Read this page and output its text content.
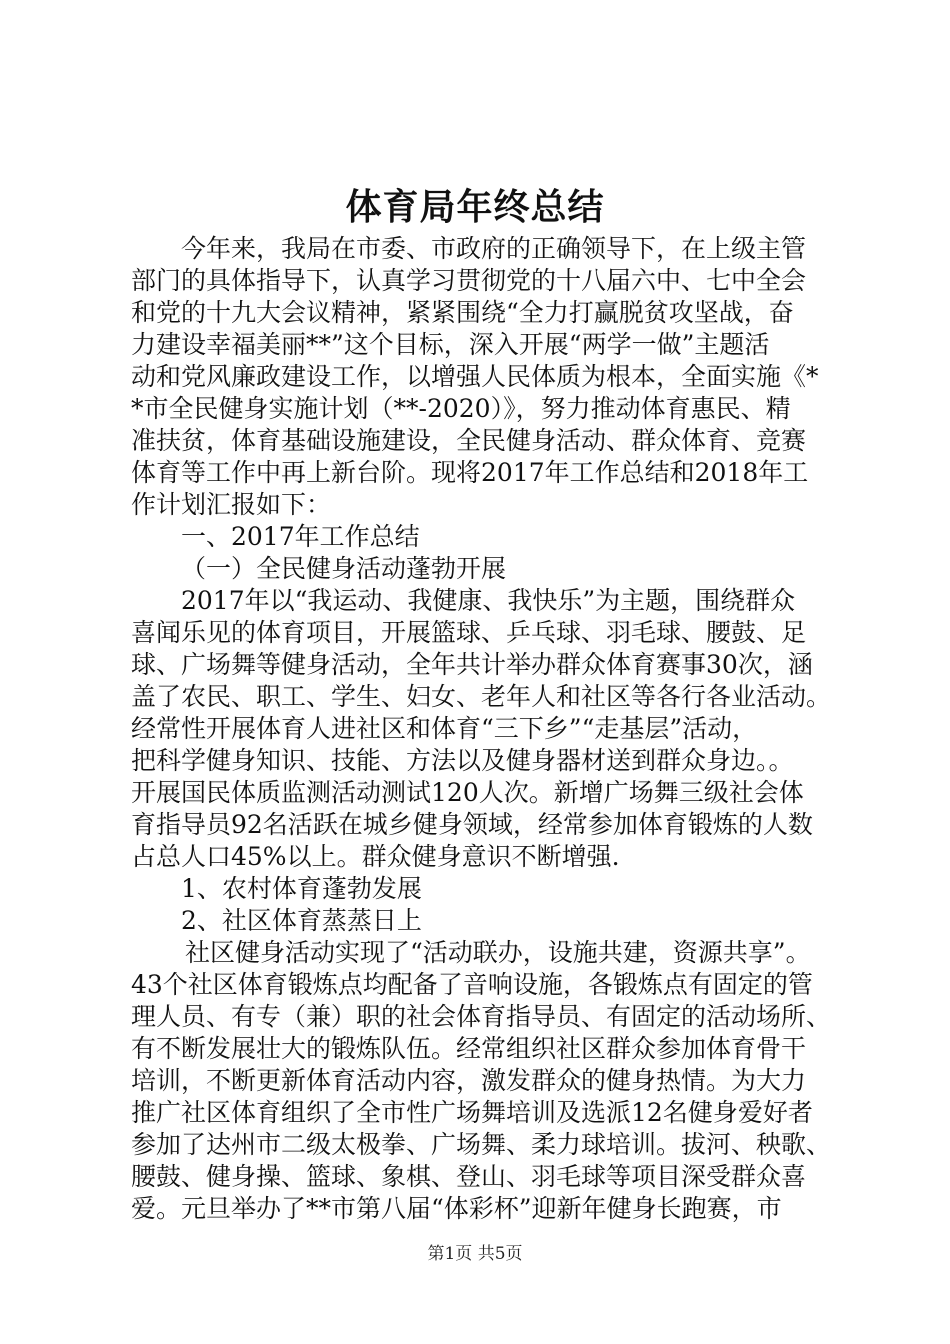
体育局年终总结
今年来，我局在市委、市政府的正确领导下，在上级主管
部门的具体指导下，认真学习贯彻党的十八届六中、七中全会
和党的十九大会议精神，紧紧围绕“全力打赢脱贫攻坚战，奋
力建设幸福美丽**”这个目标，深入开展“两学一做”主题活
动和党风廉政建设工作，以增强人民体质为根本，全面实施《*
*市全民健身实施计划（**-2020）》，努力推动体育惠民、精
准扶贫，体育基础设施建设，全民健身活动、群众体育、竞赛
体育等工作中再上新台阶。现将2017年工作总结和2018年工
作计划汇报如下：
一、2017年工作总结
（一）全民健身活动蓬勃开展
2017年以“我运动、我健康、我快乐”为主题，围绕群众
喜闻乐见的体育项目，开展篮球、乒乓球、羽毛球、腰鼓、足
球、广场舞等健身活动，全年共计举办群众体育赛事30次，涵
盖了农民、职工、学生、妇女、老年人和社区等各行各业活动。
经常性开展体育人进社区和体育“三下乡”“走基层”活动，
把科学健身知识、技能、方法以及健身器材送到群众身边。。
开展国民体质监测活动测试120人次。新增广场舞三级社会体
育指导员92名活跃在城乡健身领域，经常参加体育锻炼的人数
占总人口45%以上。群众健身意识不断增强.
1、农村体育蓬勃发展
2、社区体育蒸蒸日上
社区健身活动实现了“活动联办，设施共建，资源共享”。
43个社区体育锻炼点均配备了音响设施，各锻炼点有固定的管
理人员、有专（兼）职的社会体育指导员、有固定的活动场所、
有不断发展壮大的锻炼队伍。经常组织社区群众参加体育骨干
培训，不断更新体育活动内容，激发群众的健身热情。为大力
推广社区体育组织了全市性广场舞培训及选派12名健身爱好者
参加了达州市二级太极拳、广场舞、柔力球培训。拔河、秧歌、
腰鼓、健身操、篮球、象棋、登山、羽毛球等项目深受群众喜
爱。元旦举办了**市第八届“体彩杯”迎新年健身长跑赛，市
第1页 共5页
